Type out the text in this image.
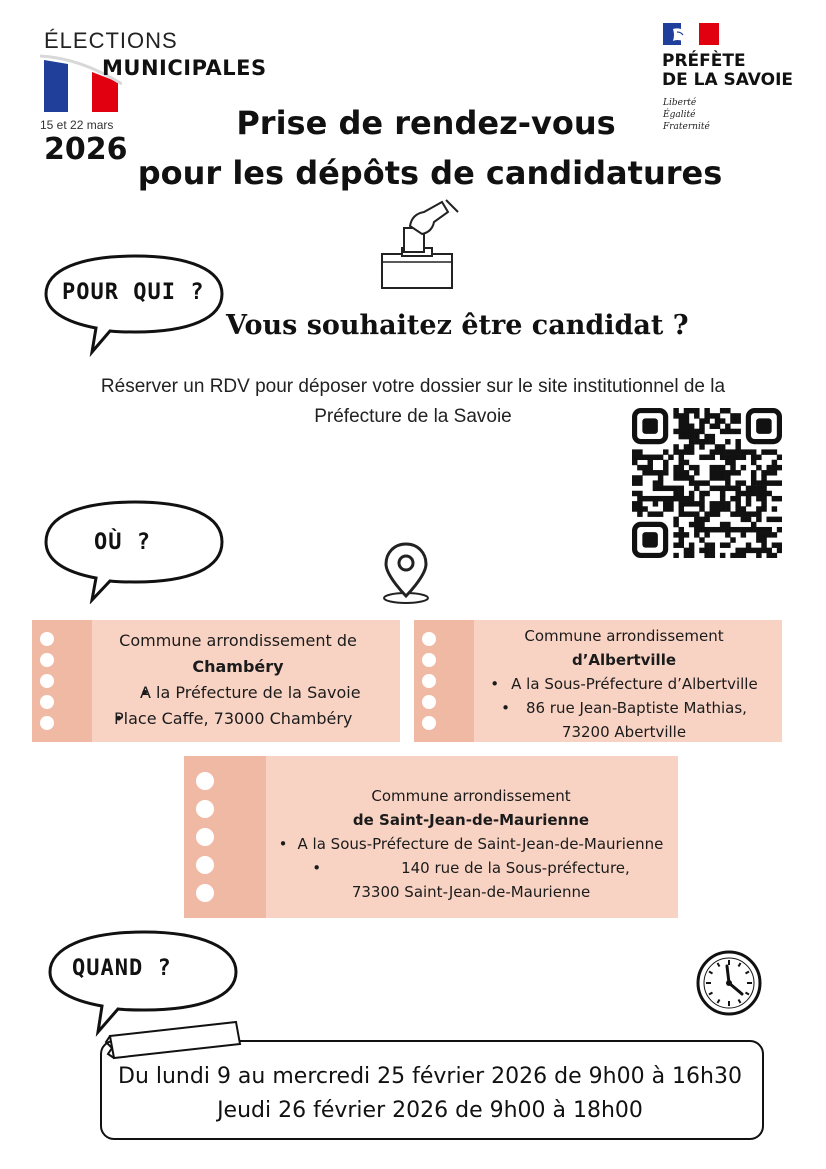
ÉLECTIONS
MUNICIPALES
15 et 22 mars
2026
PRÉFÈTE
DE LA SAVOIE
Liberté
Égalité
Fraternité
Prise de rendez-vous
pour les dépôts de candidatures
POUR QUI ?
Vous souhaitez être candidat ?
Réserver un RDV pour déposer votre dossier sur le site institutionnel de la
Préfecture de la Savoie
OÙ ?
Commune arrondissement de
Chambéry
• A la Préfecture de la Savoie
• Place Caffe, 73000 Chambéry
Commune arrondissement
d’Albertville
• A la Sous-Préfecture d’Albertville
• 86 rue Jean-Baptiste Mathias,
73200 Abertville
Commune arrondissement
de Saint-Jean-de-Maurienne
• A la Sous-Préfecture de Saint-Jean-de-Maurienne
•	140 rue de la Sous-préfecture,
73300 Saint-Jean-de-Maurienne
QUAND ?
Du lundi 9 au mercredi 25 février 2026 de 9h00 à 16h30
Jeudi 26 février 2026 de 9h00 à 18h00
